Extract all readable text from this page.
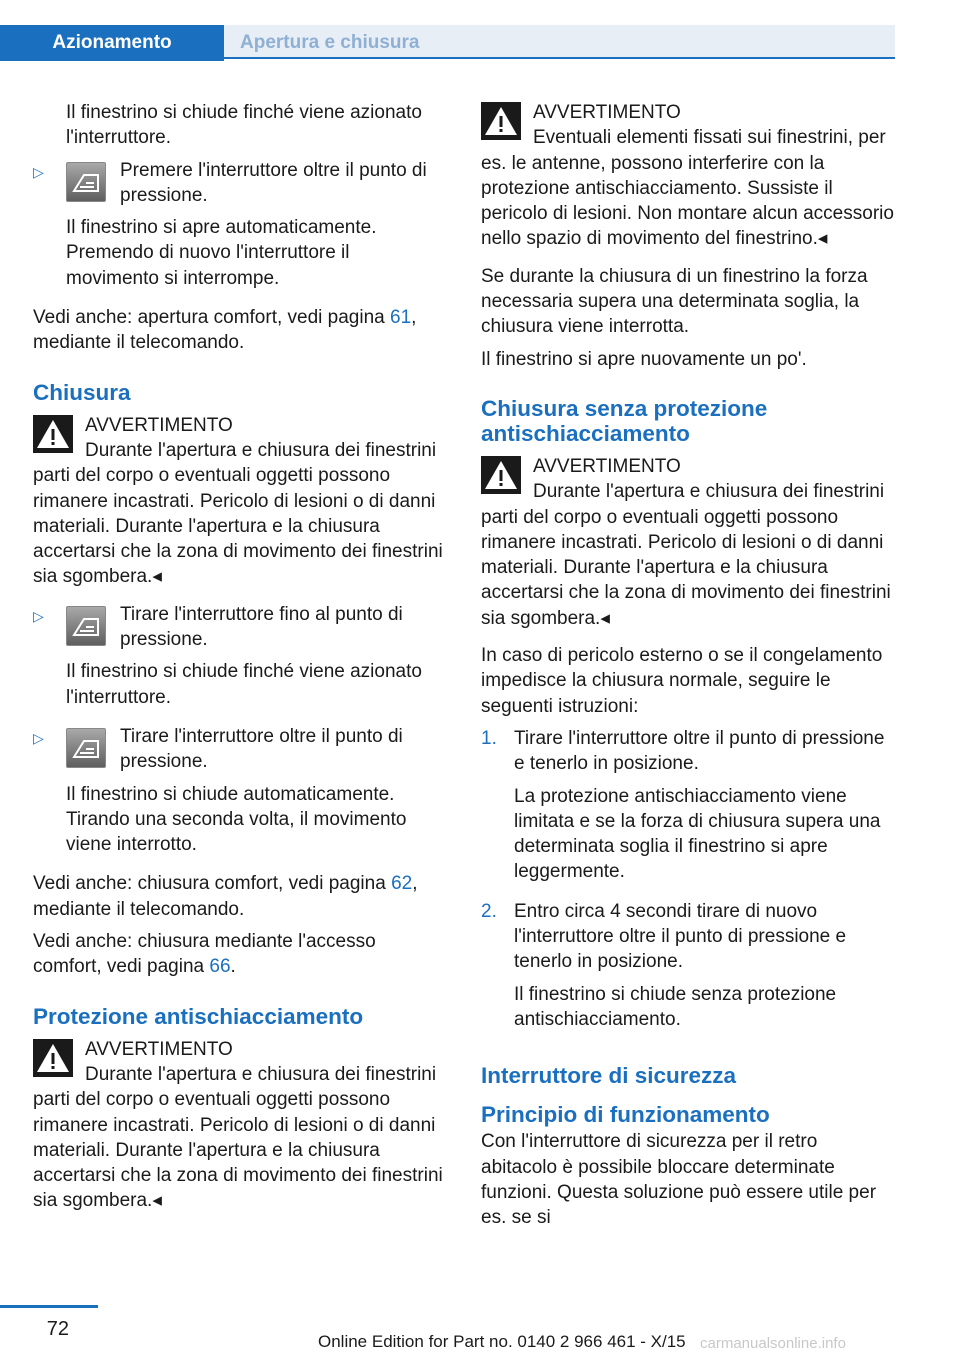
Azionamento	Apertura e chiusura

Il finestrino si chiude finché viene azionato l'interruttore.

▷	Premere l'interruttore oltre il punto di pressione.

Il finestrino si apre automaticamente. Premendo di nuovo l'interruttore il movimento si interrompe.

Vedi anche: apertura comfort, vedi pagina 61, mediante il telecomando.

Chiusura

AVVERTIMENTO

Durante l'apertura e chiusura dei finestrini parti del corpo o eventuali oggetti possono rimanere incastrati. Pericolo di lesioni o di danni materiali. Durante l'apertura e la chiusura accertarsi che la zona di movimento dei finestrini sia sgombera.◂

▷	Tirare l'interruttore fino al punto di pressione.

Il finestrino si chiude finché viene azionato l'interruttore.

▷	Tirare l'interruttore oltre il punto di pressione.

Il finestrino si chiude automaticamente. Tirando una seconda volta, il movimento viene interrotto.

Vedi anche: chiusura comfort, vedi pagina 62, mediante il telecomando.

Vedi anche: chiusura mediante l'accesso comfort, vedi pagina 66.

Protezione antischiacciamento

AVVERTIMENTO

Durante l'apertura e chiusura dei finestrini parti del corpo o eventuali oggetti possono rimanere incastrati. Pericolo di lesioni o di danni materiali. Durante l'apertura e la chiusura accertarsi che la zona di movimento dei finestrini sia sgombera.◂

AVVERTIMENTO

Eventuali elementi fissati sui finestrini, per es. le antenne, possono interferire con la protezione antischiacciamento. Sussiste il pericolo di lesioni. Non montare alcun accessorio nello spazio di movimento del finestrino.◂

Se durante la chiusura di un finestrino la forza necessaria supera una determinata soglia, la chiusura viene interrotta.

Il finestrino si apre nuovamente un po'.

Chiusura senza protezione antischiacciamento

AVVERTIMENTO

Durante l'apertura e chiusura dei finestrini parti del corpo o eventuali oggetti possono rimanere incastrati. Pericolo di lesioni o di danni materiali. Durante l'apertura e la chiusura accertarsi che la zona di movimento dei finestrini sia sgombera.◂

In caso di pericolo esterno o se il congelamento impedisce la chiusura normale, seguire le seguenti istruzioni:

1. Tirare l'interruttore oltre il punto di pressione e tenerlo in posizione.

La protezione antischiacciamento viene limitata e se la forza di chiusura supera una determinata soglia il finestrino si apre leggermente.

2. Entro circa 4 secondi tirare di nuovo l'interruttore oltre il punto di pressione e tenerlo in posizione.

Il finestrino si chiude senza protezione antischiacciamento.

Interruttore di sicurezza
Principio di funzionamento

Con l'interruttore di sicurezza per il retro abitacolo è possibile bloccare determinate funzioni. Questa soluzione può essere utile per es. se si

72
Online Edition for Part no. 0140 2 966 461 - X/15 carmanualsonline.info
